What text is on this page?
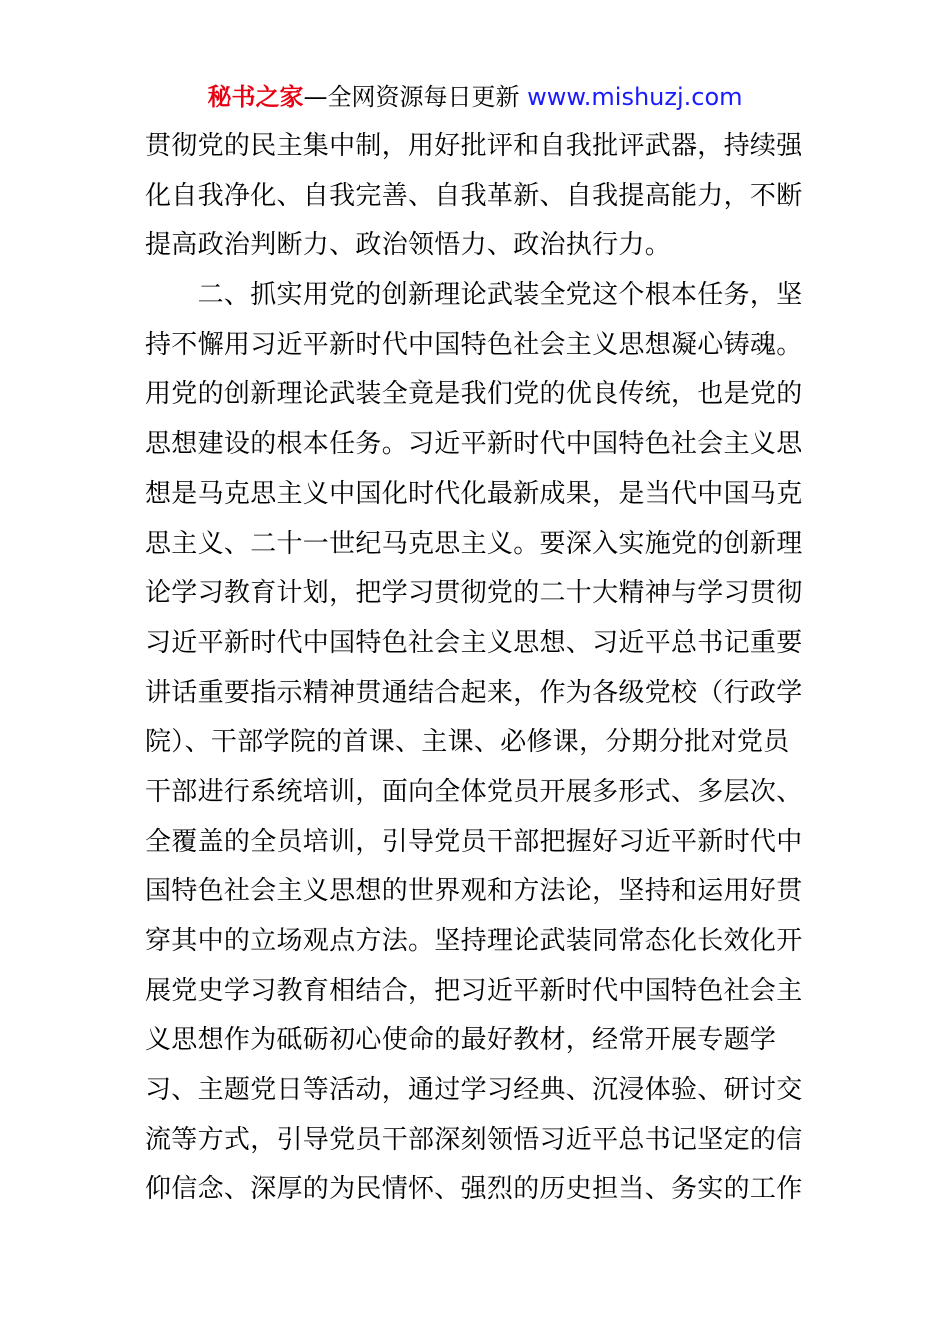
秘书之家—全网资源每日更新 www.mishuzj.com
贯彻党的民主集中制，用好批评和自我批评武器，持续强
化自我净化、自我完善、自我革新、自我提高能力，不断
提高政治判断力、政治领悟力、政治执行力。
　　二、抓实用党的创新理论武装全党这个根本任务，坚
持不懈用习近平新时代中国特色社会主义思想凝心铸魂。
用党的创新理论武装全竟是我们党的优良传统，也是党的
思想建设的根本任务。习近平新时代中国特色社会主义思
想是马克思主义中国化时代化最新成果，是当代中国马克
思主义、二十一世纪马克思主义。要深入实施党的创新理
论学习教育计划，把学习贯彻党的二十大精神与学习贯彻
习近平新时代中国特色社会主义思想、习近平总书记重要
讲话重要指示精神贯通结合起来，作为各级党校（行政学
院）、干部学院的首课、主课、必修课，分期分批对党员
干部进行系统培训，面向全体党员开展多形式、多层次、
全覆盖的全员培训，引导党员干部把握好习近平新时代中
国特色社会主义思想的世界观和方法论，坚持和运用好贯
穿其中的立场观点方法。坚持理论武装同常态化长效化开
展党史学习教育相结合，把习近平新时代中国特色社会主
义思想作为砥砺初心使命的最好教材，经常开展专题学
习、主题党日等活动，通过学习经典、沉浸体验、研讨交
流等方式，引导党员干部深刻领悟习近平总书记坚定的信
仰信念、深厚的为民情怀、强烈的历史担当、务实的工作
